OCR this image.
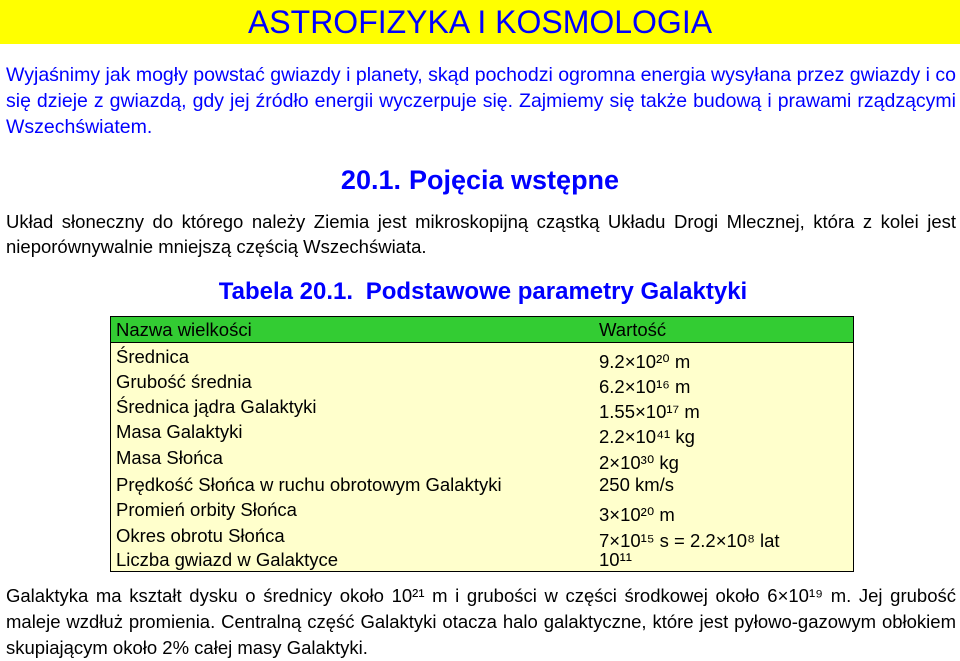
ASTROFIZYKA I KOSMOLOGIA

Wyjaśnimy jak mogły powstać gwiazdy i planety, skąd pochodzi ogromna energia wysyłana przez gwiazdy i co się dzieje z gwiazdą, gdy jej źródło energii wyczerpuje się. Zajmiemy się także budową i prawami rządzącymi Wszechświatem.

20.1. Pojęcia wstępne

Układ słoneczny do którego należy Ziemia jest mikroskopijną cząstką Układu Drogi Mlecznej, która z kolei jest nieporównywalnie mniejszą częścią Wszechświata.

Tabela 20.1. Podstawowe parametry Galaktyki
Nazwa wielkości	Wartość
Średnica	9.2×10²⁰ m
Grubość średnia	6.2×10¹⁶ m
Średnica jądra Galaktyki	1.55×10¹⁷ m
Masa Galaktyki	2.2×10⁴¹ kg
Masa Słońca	2×10³⁰ kg
Prędkość Słońca w ruchu obrotowym Galaktyki	250 km/s
Promień orbity Słońca	3×10²⁰ m
Okres obrotu Słońca	7×10¹⁵ s = 2.2×10⁸ lat
Liczba gwiazd w Galaktyce	10¹¹

Galaktyka ma kształt dysku o średnicy około 10²¹ m i grubości w części środkowej około 6×10¹⁹ m. Jej grubość maleje wzdłuż promienia. Centralną część Galaktyki otacza halo galaktyczne, które jest pyłowo-gazowym obłokiem skupiającym około 2% całej masy Galaktyki.
